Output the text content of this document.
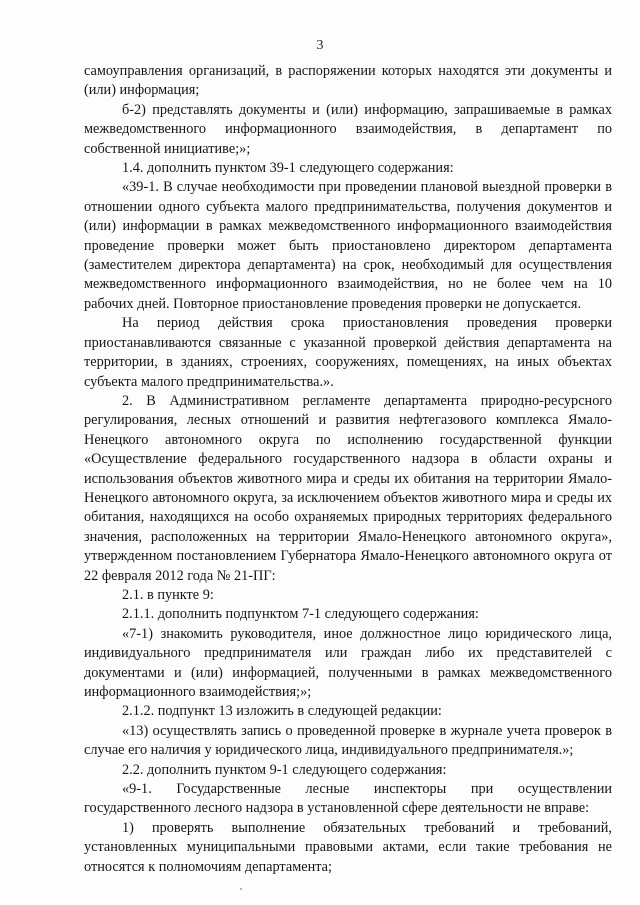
3

самоуправления организаций, в распоряжении которых находятся эти документы и (или) информация;

б-2) представлять документы и (или) информацию, запрашиваемые в рамках межведомственного информационного взаимодействия, в департамент по собственной инициативе;»;

1.4. дополнить пунктом 39-1 следующего содержания:

«39-1. В случае необходимости при проведении плановой выездной проверки в отношении одного субъекта малого предпринимательства, получения документов и (или) информации в рамках межведомственного информационного взаимодействия проведение проверки может быть приостановлено директором департамента (заместителем директора департамента) на срок, необходимый для осуществления межведомственного информационного взаимодействия, но не более чем на 10 рабочих дней. Повторное приостановление проведения проверки не допускается.

На период действия срока приостановления проведения проверки приостанавливаются связанные с указанной проверкой действия департамента на территории, в зданиях, строениях, сооружениях, помещениях, на иных объектах субъекта малого предпринимательства.».

2. В Административном регламенте департамента природно-ресурсного регулирования, лесных отношений и развития нефтегазового комплекса Ямало-Ненецкого автономного округа по исполнению государственной функции «Осуществление федерального государственного надзора в области охраны и использования объектов животного мира и среды их обитания на территории Ямало-Ненецкого автономного округа, за исключением объектов животного мира и среды их обитания, находящихся на особо охраняемых природных территориях федерального значения, расположенных на территории Ямало-Ненецкого автономного округа», утвержденном постановлением Губернатора Ямало-Ненецкого автономного округа от 22 февраля 2012 года № 21-ПГ:

2.1. в пункте 9:

2.1.1. дополнить подпунктом 7-1 следующего содержания:

«7-1) знакомить руководителя, иное должностное лицо юридического лица, индивидуального предпринимателя или граждан либо их представителей с документами и (или) информацией, полученными в рамках межведомственного информационного взаимодействия;»;

2.1.2. подпункт 13 изложить в следующей редакции:

«13) осуществлять запись о проведенной проверке в журнале учета проверок в случае его наличия у юридического лица, индивидуального предпринимателя.»;

2.2. дополнить пунктом 9-1 следующего содержания:

«9-1. Государственные лесные инспекторы при осуществлении государственного лесного надзора в установленной сфере деятельности не вправе:

1) проверять выполнение обязательных требований и требований, установленных муниципальными правовыми актами, если такие требования не относятся к полномочиям департамента;
